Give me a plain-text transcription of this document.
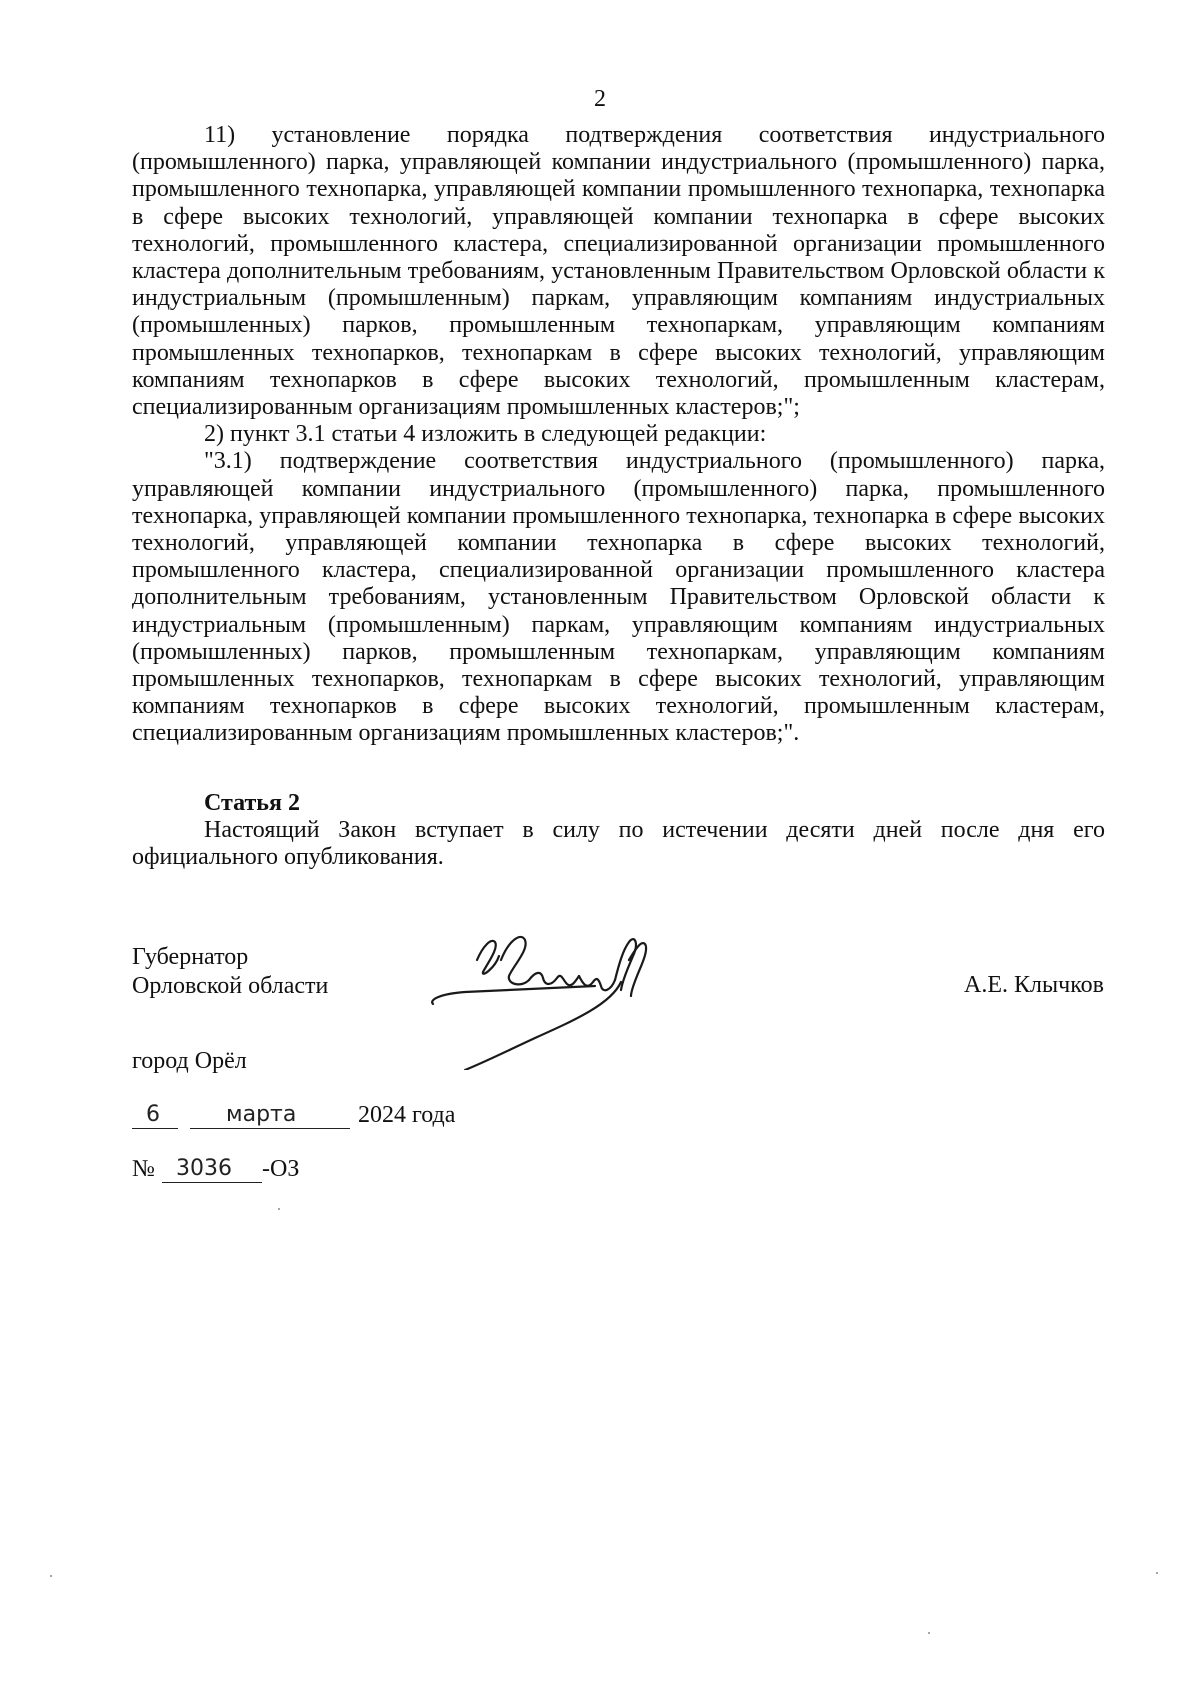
2

11) установление порядка подтверждения соответствия индустриального (промышленного) парка, управляющей компании индустриального (промышленного) парка, промышленного технопарка, управляющей компании промышленного технопарка, технопарка в сфере высоких технологий, управляющей компании технопарка в сфере высоких технологий, промышленного кластера, специализированной организации промышленного кластера дополнительным требованиям, установленным Правительством Орловской области к индустриальным (промышленным) паркам, управляющим компаниям индустриальных (промышленных) парков, промышленным технопаркам, управляющим компаниям промышленных технопарков, технопаркам в сфере высоких технологий, управляющим компаниям технопарков в сфере высоких технологий, промышленным кластерам, специализированным организациям промышленных кластеров;";

2) пункт 3.1 статьи 4 изложить в следующей редакции:

"3.1) подтверждение соответствия индустриального (промышленного) парка, управляющей компании индустриального (промышленного) парка, промышленного технопарка, управляющей компании промышленного технопарка, технопарка в сфере высоких технологий, управляющей компании технопарка в сфере высоких технологий, промышленного кластера, специализированной организации промышленного кластера дополнительным требованиям, установленным Правительством Орловской области к индустриальным (промышленным) паркам, управляющим компаниям индустриальных (промышленных) парков, промышленным технопаркам, управляющим компаниям промышленных технопарков, технопаркам в сфере высоких технологий, управляющим компаниям технопарков в сфере высоких технологий, промышленным кластерам, специализированным организациям промышленных кластеров;".

Статья 2

Настоящий Закон вступает в силу по истечении десяти дней после дня его официального опубликования.

Губернатор
Орловской области	А.Е. Клычков
город Орёл
6	марта	2024 года
№ 3036 -ОЗ
